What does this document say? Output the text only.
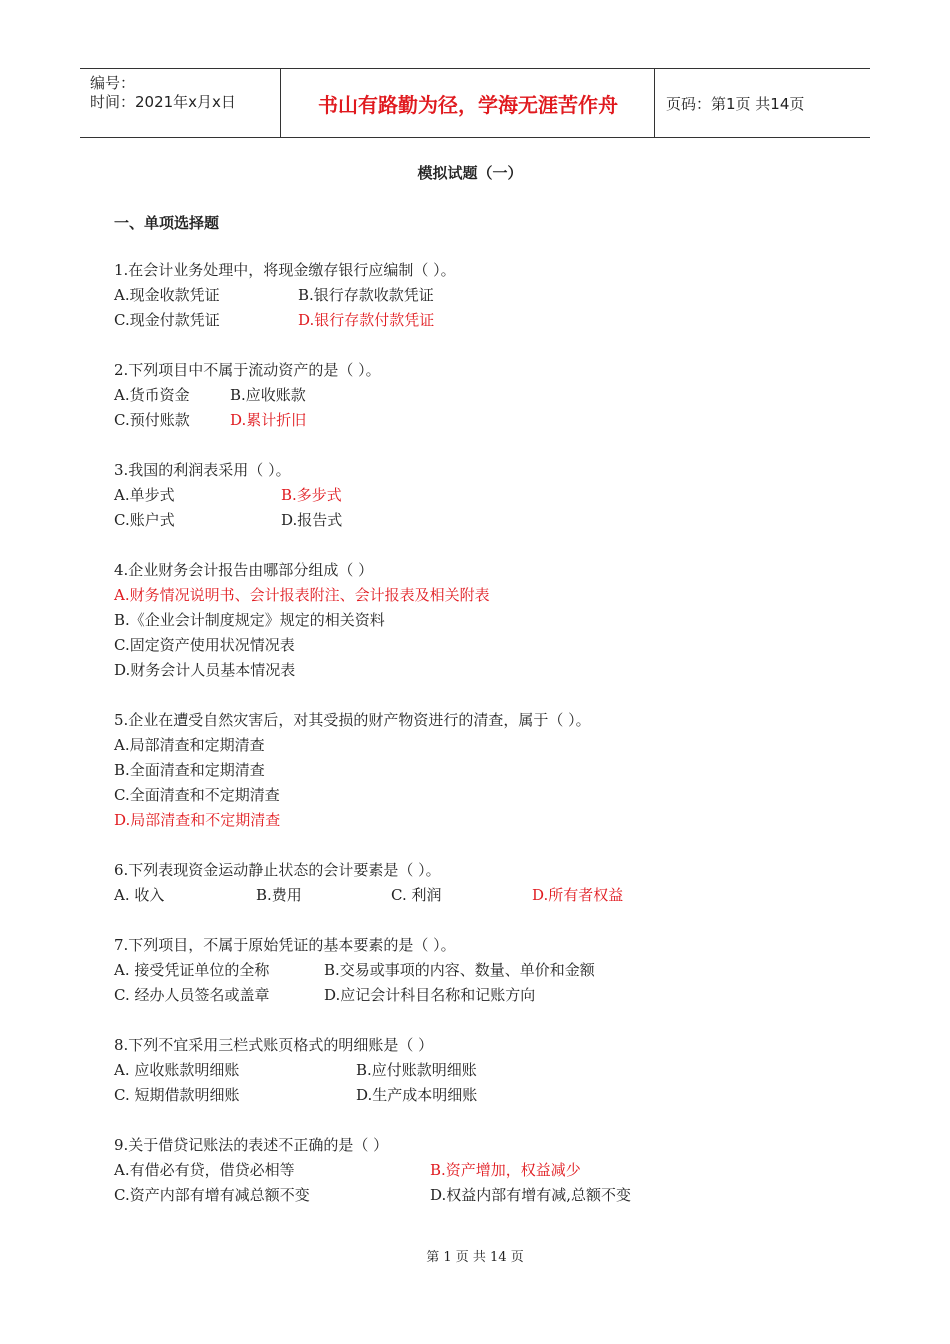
编号：
时间：2021年x月x日	书山有路勤为径，学海无涯苦作舟	页码：第1页 共14页
模拟试题（一）
一、单项选择题
1.在会计业务处理中，将现金缴存银行应编制（ ）。
A.现金收款凭证	B.银行存款收款凭证
C.现金付款凭证	D.银行存款付款凭证
2.下列项目中不属于流动资产的是（ ）。
A.货币资金	B.应收账款
C.预付账款	D.累计折旧
3.我国的利润表采用（ ）。
A.单步式	B.多步式
C.账户式	D.报告式
4.企业财务会计报告由哪部分组成（ ）
A.财务情况说明书、会计报表附注、会计报表及相关附表
B.《企业会计制度规定》规定的相关资料
C.固定资产使用状况情况表
D.财务会计人员基本情况表
5.企业在遭受自然灾害后，对其受损的财产物资进行的清查，属于（ ）。
A.局部清查和定期清查
B.全面清查和定期清查
C.全面清查和不定期清查
D.局部清查和不定期清查
6.下列表现资金运动静止状态的会计要素是（ ）。
A. 收入	B.费用	C. 利润	D.所有者权益
7.下列项目，不属于原始凭证的基本要素的是（ ）。
A. 接受凭证单位的全称	B.交易或事项的内容、数量、单价和金额
C. 经办人员签名或盖章	D.应记会计科目名称和记账方向
8.下列不宜采用三栏式账页格式的明细账是（ ）
A. 应收账款明细账	B.应付账款明细账
C. 短期借款明细账	D.生产成本明细账
9.关于借贷记账法的表述不正确的是（ ）
A.有借必有贷，借贷必相等	B.资产增加，权益减少
C.资产内部有增有减总额不变	D.权益内部有增有减,总额不变
第 1 页 共 14 页
